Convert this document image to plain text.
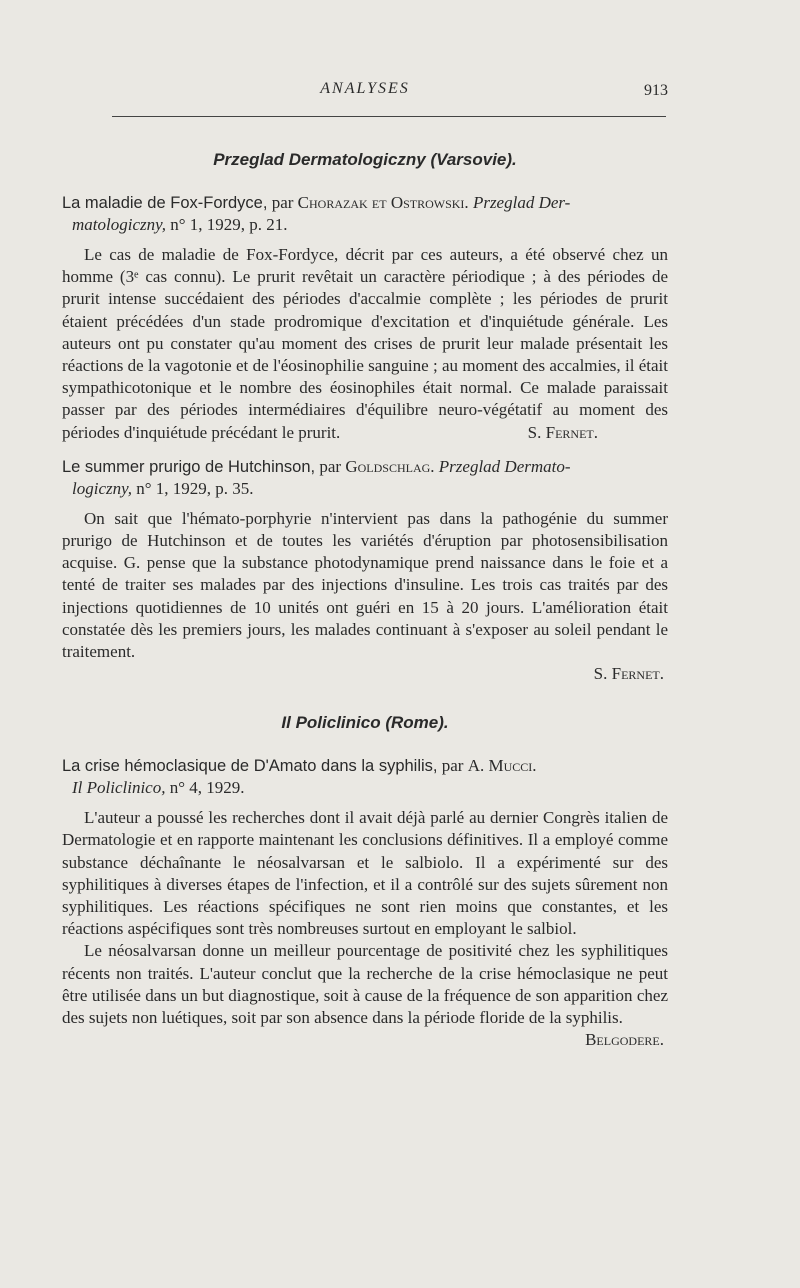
ANALYSES	913
Przeglad Dermatologiczny (Varsovie).
La maladie de Fox-Fordyce, par Chorazak et Ostrowski. Przeglad Der-
matologiczny, n° 1, 1929, p. 21.

Le cas de maladie de Fox-Fordyce, décrit par ces auteurs, a été observé chez un homme (3ᵉ cas connu). Le prurit revêtait un caractère périodique ; à des périodes de prurit intense succédaient des périodes d'accalmie complète ; les périodes de prurit étaient précédées d'un stade prodromique d'excitation et d'inquiétude générale. Les auteurs ont pu constater qu'au moment des crises de prurit leur malade présentait les réactions de la vagotonie et de l'éosinophilie sanguine ; au moment des accalmies, il était sympathicotonique et le nombre des éosinophiles était normal. Ce malade paraissait passer par des périodes intermédiaires d'équilibre neuro-végétatif au moment des périodes d'inquiétude précédant le prurit.	S. Fernet.

Le summer prurigo de Hutchinson, par Goldschlag. Przeglad Dermato-
logiczny, n° 1, 1929, p. 35.

On sait que l'hémato-porphyrie n'intervient pas dans la pathogénie du summer prurigo de Hutchinson et de toutes les variétés d'éruption par photosensibilisation acquise. G. pense que la substance photodynamique prend naissance dans le foie et a tenté de traiter ses malades par des injections d'insuline. Les trois cas traités par des injections quotidiennes de 10 unités ont guéri en 15 à 20 jours. L'amélioration était constatée dès les premiers jours, les malades continuant à s'exposer au soleil pendant le traitement.

S. Fernet.

Il Policlinico (Rome).
La crise hémoclasique de D'Amato dans la syphilis, par A. Mucci.
Il Policlinico, n° 4, 1929.

L'auteur a poussé les recherches dont il avait déjà parlé au dernier Congrès italien de Dermatologie et en rapporte maintenant les conclusions définitives. Il a employé comme substance déchaînante le néosalvarsan et le salbiolo. Il a expérimenté sur des syphilitiques à diverses étapes de l'infection, et il a contrôlé sur des sujets sûrement non syphilitiques. Les réactions spécifiques ne sont rien moins que constantes, et les réactions aspécifiques sont très nombreuses surtout en employant le salbiol.

Le néosalvarsan donne un meilleur pourcentage de positivité chez les syphilitiques récents non traités. L'auteur conclut que la recherche de la crise hémoclasique ne peut être utilisée dans un but diagnostique, soit à cause de la fréquence de son apparition chez des sujets non luétiques, soit par son absence dans la période floride de la syphilis.
Belgodere.
